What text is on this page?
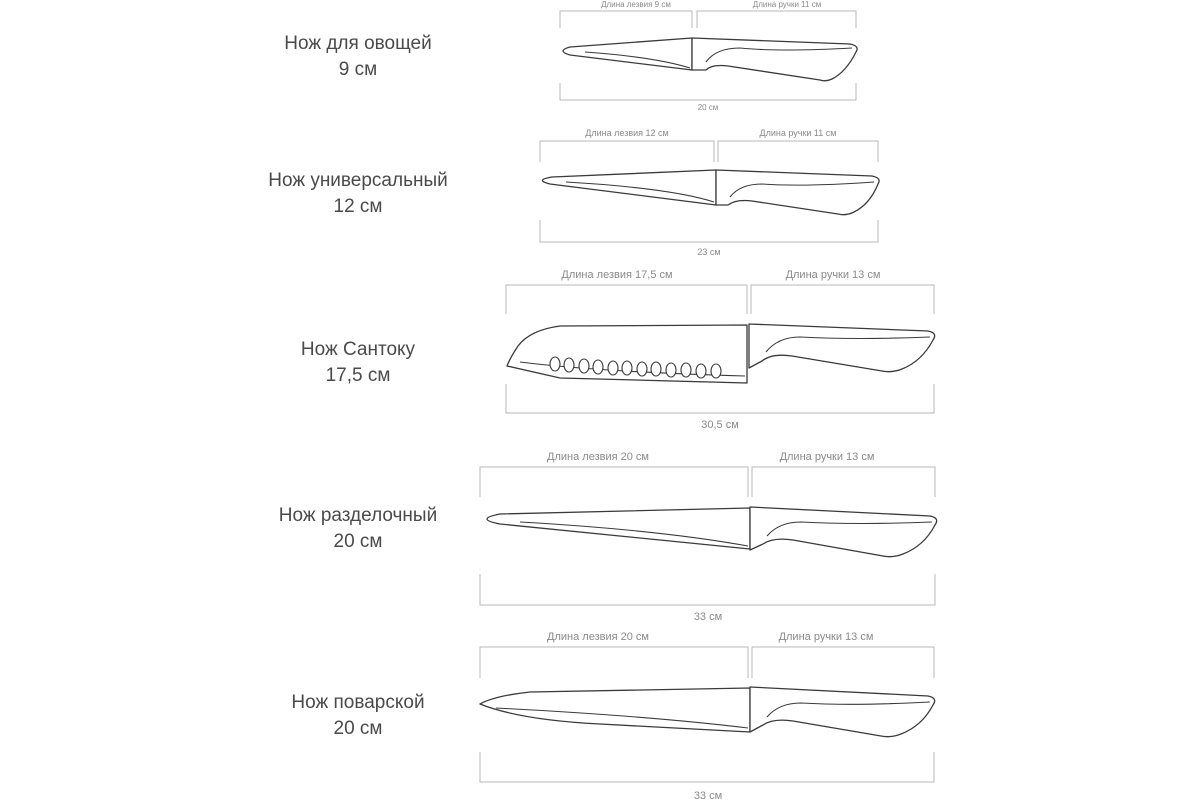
Нож для овощей
9 см
Длина лезвия 9 см	Длина ручки 11 см
20 см
Нож универсальный
12 см
Длина лезвия 12 см	Длина ручки 11 см
23 см
Нож Сантоку
17,5 см
Длина лезвия 17,5 см	Длина ручки 13 см
30,5 см
Нож разделочный
20 см
Длина лезвия 20 см	Длина ручки 13 см
33 см
Нож поварской
20 см
Длина лезвия 20 см	Длина ручки 13 см
33 см
